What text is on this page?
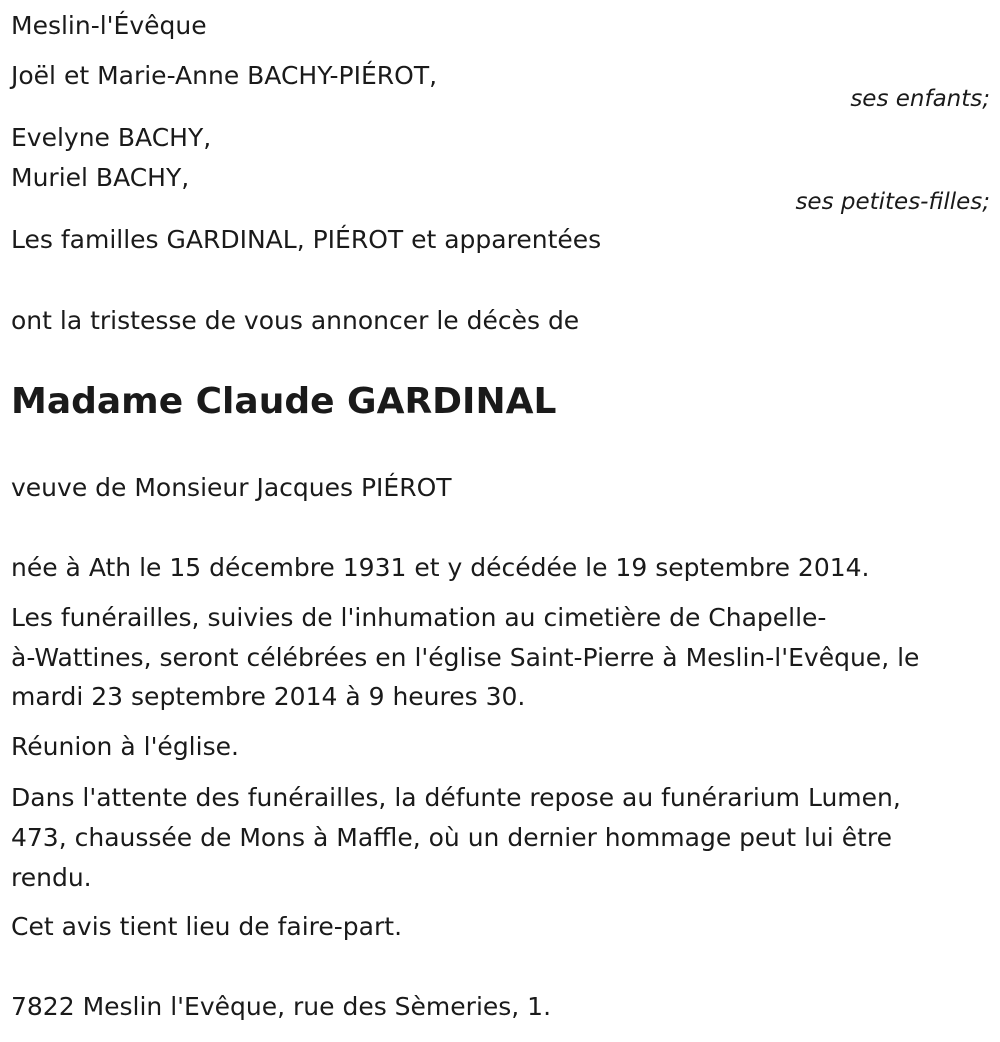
Meslin-l'Évêque
Joël et Marie-Anne BACHY-PIÉROT,
ses enfants;
Evelyne BACHY,
Muriel BACHY,
ses petites-filles;
Les familles GARDINAL, PIÉROT et apparentées
ont la tristesse de vous annoncer le décès de
Madame Claude GARDINAL
veuve de Monsieur Jacques PIÉROT
née à Ath le 15 décembre 1931 et y décédée le 19 septembre 2014.
Les funérailles, suivies de l'inhumation au cimetière de Chapelle-
à-Wattines, seront célébrées en l'église Saint-Pierre à Meslin-l'Evêque, le
mardi 23 septembre 2014 à 9 heures 30.
Réunion à l'église.
Dans l'attente des funérailles, la défunte repose au funérarium Lumen,
473, chaussée de Mons à Maffle, où un dernier hommage peut lui être
rendu.
Cet avis tient lieu de faire-part.
7822 Meslin l'Evêque, rue des Sèmeries, 1.
